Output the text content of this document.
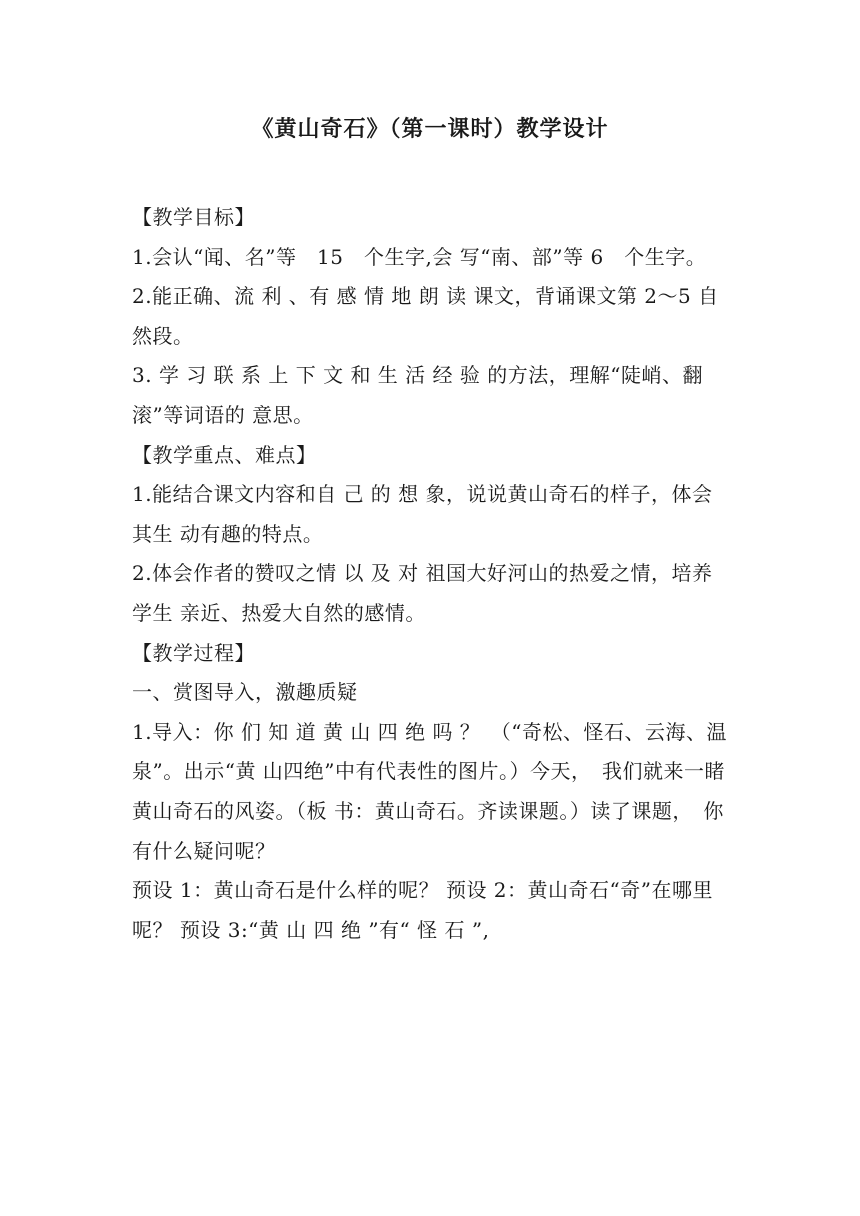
《黄山奇石》（第一课时）教学设计

【教学目标】

1.会认“闻、名”等　15　个生字,会 写“南、部”等 6　个生字。

2.能正确、流 利 、有 感 情 地 朗 读 课文，背诵课文第 2～5 自然段。

3. 学 习 联 系 上 下 文 和 生 活 经 验 的方法，理解“陡峭、翻滚”等词语的 意思。

【教学重点、难点】

1.能结合课文内容和自 己 的 想 象，说说黄山奇石的样子，体会其生 动有趣的特点。

2.体会作者的赞叹之情 以 及 对 祖国大好河山的热爱之情，培养学生 亲近、热爱大自然的感情。

【教学过程】

一、赏图导入，激趣质疑

1.导入：你 们 知 道 黄 山 四 绝 吗 ？　（“奇松、怪石、云海、温泉”。出示“黄 山四绝”中有代表性的图片。）今天，　我们就来一睹黄山奇石的风姿。（板 书：黄山奇石。齐读课题。）读了课题，　你有什么疑问呢？

预设 1：黄山奇石是什么样的呢？ 预设 2：黄山奇石“奇”在哪里呢？ 预设 3:“黄 山 四 绝 ”有“ 怪 石 ”,
